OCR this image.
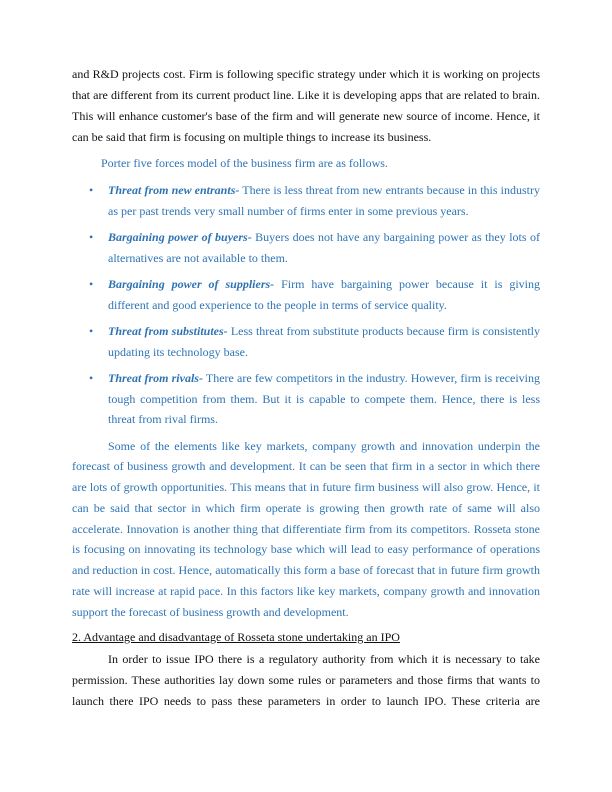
and R&D projects cost. Firm is following specific strategy under which it is working on projects that are different from its current product line. Like it is developing apps that are related to brain. This will enhance customer's base of the firm and will generate new source of income. Hence, it can be said that firm is focusing on multiple things to increase its business.

Porter five forces model of the business firm are as follows.

• Threat from new entrants- There is less threat from new entrants because in this industry as per past trends very small number of firms enter in some previous years.
• Bargaining power of buyers- Buyers does not have any bargaining power as they lots of alternatives are not available to them.
• Bargaining power of suppliers- Firm have bargaining power because it is giving different and good experience to the people in terms of service quality.
• Threat from substitutes- Less threat from substitute products because firm is consistently updating its technology base.
• Threat from rivals- There are few competitors in the industry. However, firm is receiving tough competition from them. But it is capable to compete them. Hence, there is less threat from rival firms.

Some of the elements like key markets, company growth and innovation underpin the forecast of business growth and development. It can be seen that firm in a sector in which there are lots of growth opportunities. This means that in future firm business will also grow. Hence, it can be said that sector in which firm operate is growing then growth rate of same will also accelerate. Innovation is another thing that differentiate firm from its competitors. Rosseta stone is focusing on innovating its technology base which will lead to easy performance of operations and reduction in cost. Hence, automatically this form a base of forecast that in future firm growth rate will increase at rapid pace. In this factors like key markets, company growth and innovation support the forecast of business growth and development.

2. Advantage and disadvantage of Rosseta stone undertaking an IPO

In order to issue IPO there is a regulatory authority from which it is necessary to take permission. These authorities lay down some rules or parameters and those firms that wants to launch there IPO needs to pass these parameters in order to launch IPO. These criteria are
